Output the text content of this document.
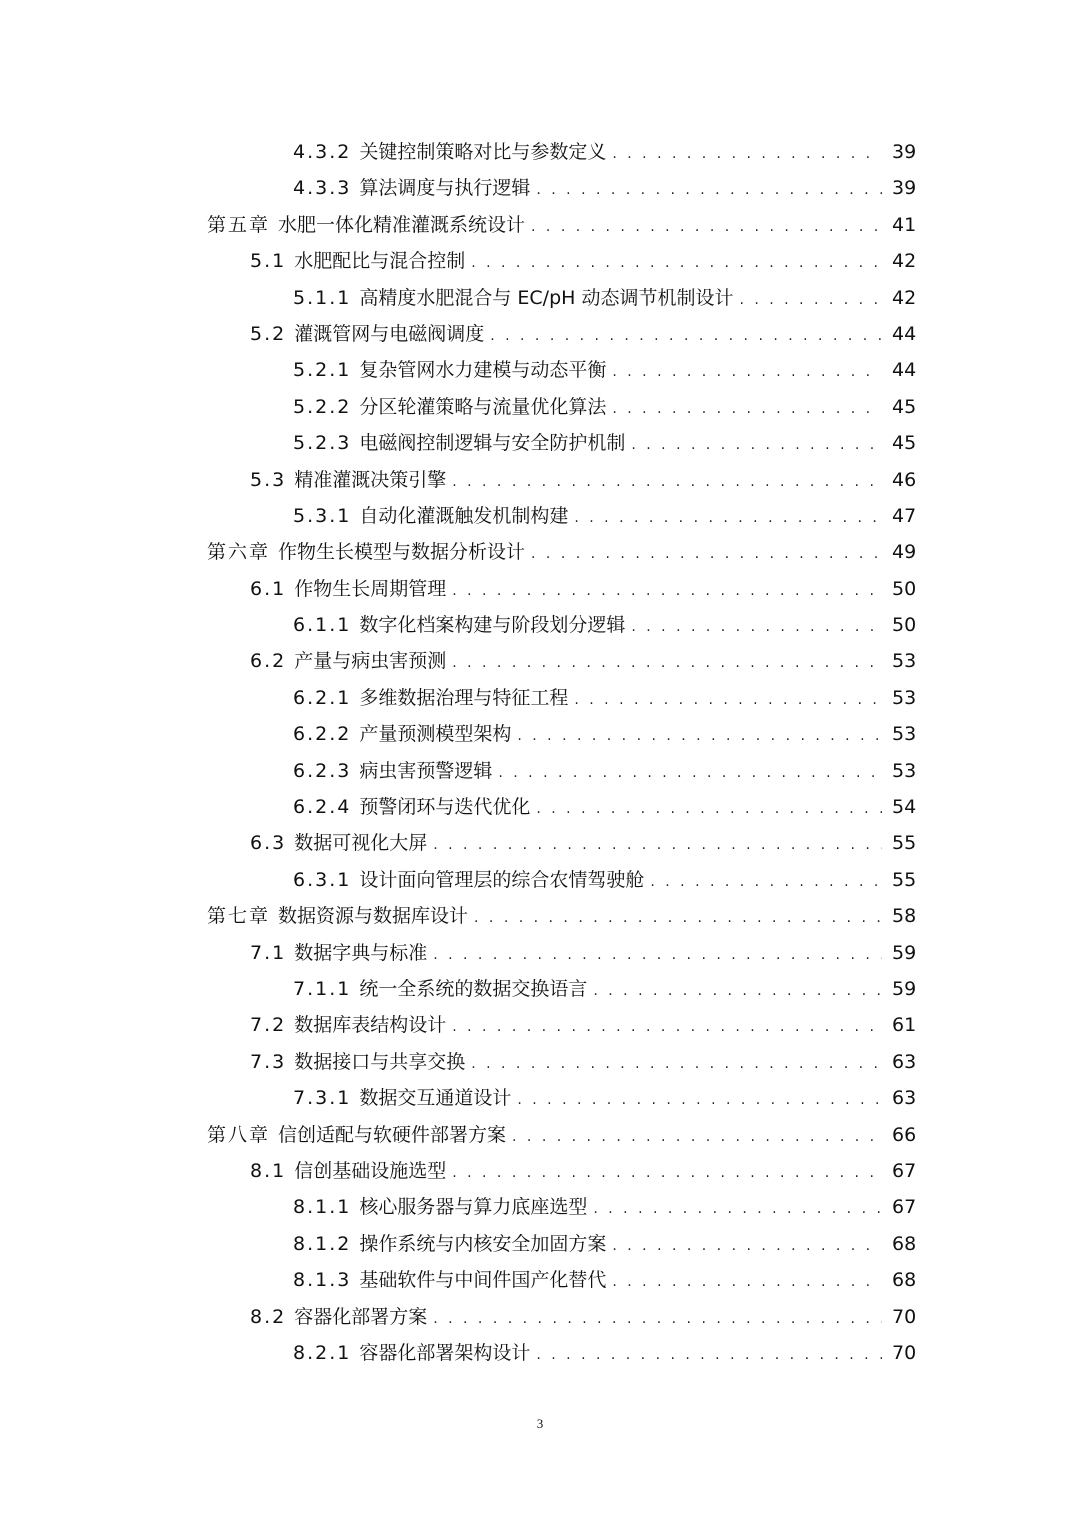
4.3.2 关键控制策略对比与参数定义 . . .	39
4.3.3 算法调度与执行逻辑 . . .	39
第五章 水肥一体化精准灌溉系统设计 . . .	41
5.1 水肥配比与混合控制 . . .	42
5.1.1 高精度水肥混合与 EC/pH 动态调节机制设计 . . .	42
5.2 灌溉管网与电磁阀调度 . . .	44
5.2.1 复杂管网水力建模与动态平衡 . . .	44
5.2.2 分区轮灌策略与流量优化算法 . . .	45
5.2.3 电磁阀控制逻辑与安全防护机制 . . .	45
5.3 精准灌溉决策引擎 . . .	46
5.3.1 自动化灌溉触发机制构建 . . .	47
第六章 作物生长模型与数据分析设计 . . .	49
6.1 作物生长周期管理 . . .	50
6.1.1 数字化档案构建与阶段划分逻辑 . . .	50
6.2 产量与病虫害预测 . . .	53
6.2.1 多维数据治理与特征工程 . . .	53
6.2.2 产量预测模型架构 . . .	53
6.2.3 病虫害预警逻辑 . . .	53
6.2.4 预警闭环与迭代优化 . . .	54
6.3 数据可视化大屏 . . .	55
6.3.1 设计面向管理层的综合农情驾驶舱 . . .	55
第七章 数据资源与数据库设计 . . .	58
7.1 数据字典与标准 . . .	59
7.1.1 统一全系统的数据交换语言 . . .	59
7.2 数据库表结构设计 . . .	61
7.3 数据接口与共享交换 . . .	63
7.3.1 数据交互通道设计 . . .	63
第八章 信创适配与软硬件部署方案 . . .	66
8.1 信创基础设施选型 . . .	67
8.1.1 核心服务器与算力底座选型 . . .	67
8.1.2 操作系统与内核安全加固方案 . . .	68
8.1.3 基础软件与中间件国产化替代 . . .	68
8.2 容器化部署方案 . . .	70
8.2.1 容器化部署架构设计 . . .	70
3
